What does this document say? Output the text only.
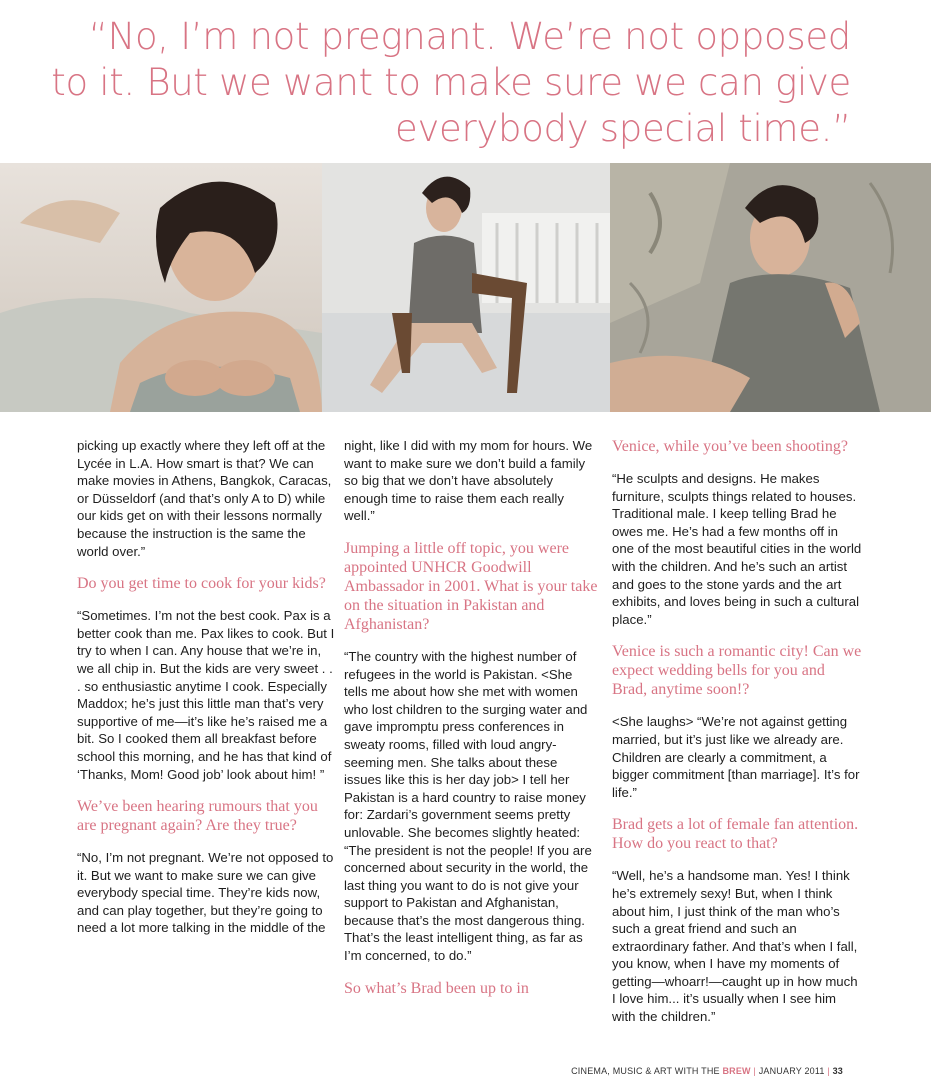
“No, I’m not pregnant. We’re not opposed
to it. But we want to make sure we can give
everybody special time.”

picking up exactly where they left off at the Lycée in L.A. How smart is that? We can make movies in Athens, Bangkok, Caracas, or Düsseldorf (and that’s only A to D) while our kids get on with their lessons normally because the instruction is the same the world over.”

Do you get time to cook for your kids?

“Sometimes. I’m not the best cook. Pax is a better cook than me. Pax likes to cook. But I try to when I can. Any house that we’re in, we all chip in. But the kids are very sweet . . . so enthusiastic anytime I cook. Especially Maddox; he’s just this little man that’s very supportive of me—it’s like he’s raised me a bit. So I cooked them all breakfast before school this morning, and he has that kind of ‘Thanks, Mom! Good job’ look about him! ”

We’ve been hearing rumours that you are pregnant again? Are they true?

“No, I’m not pregnant. We’re not opposed to it. But we want to make sure we can give everybody special time. They’re kids now, and can play together, but they’re going to need a lot more talking in the middle of the

night, like I did with my mom for hours. We want to make sure we don’t build a family so big that we don’t have absolutely enough time to raise them each really well.”

Jumping a little off topic, you were appointed UNHCR Goodwill Ambassador in 2001. What is your take on the situation in Pakistan and Afghanistan?

“The country with the highest number of refugees in the world is Pakistan. <She tells me about how she met with women who lost children to the surging water and gave impromptu press conferences in sweaty rooms, filled with loud angry-seeming men. She talks about these issues like this is her day job> I tell her Pakistan is a hard country to raise money for: Zardari’s government seems pretty unlovable. She becomes slightly heated: “The president is not the people! If you are concerned about security in the world, the last thing you want to do is not give your support to Pakistan and Afghanistan, because that’s the most dangerous thing. That’s the least intelligent thing, as far as I’m concerned, to do.”

So what’s Brad been up to in

Venice, while you’ve been shooting?

“He sculpts and designs. He makes furniture, sculpts things related to houses. Traditional male. I keep telling Brad he owes me. He’s had a few months off in one of the most beautiful cities in the world with the children. And he’s such an artist and goes to the stone yards and the art exhibits, and loves being in such a cultural place.”

Venice is such a romantic city! Can we expect wedding bells for you and Brad, anytime soon!?

<She laughs> “We’re not against getting married, but it’s just like we already are. Children are clearly a commitment, a bigger commitment [than marriage]. It’s for life.”

Brad gets a lot of female fan attention. How do you react to that?

“Well, he’s a handsome man. Yes! I think he’s extremely sexy! But, when I think about him, I just think of the man who’s such a great friend and such an extraordinary father. And that’s when I fall, you know, when I have my moments of getting—whoarr!—caught up in how much I love him... it’s usually when I see him with the children.”

CINEMA, MUSIC & ART WITH THE BREW | JANUARY 2011 | 33
